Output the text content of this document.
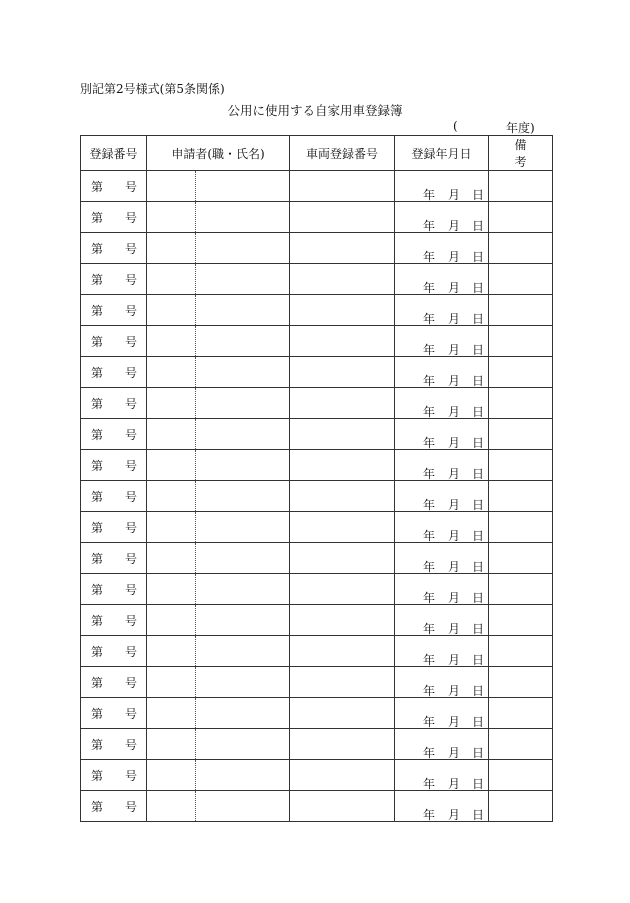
別記第2号様式(第5条関係)
公用に使用する自家用車登録簿
(	年度)
登録番号	申請者(職・氏名)		車両登録番号	登録年月日	備考

第 号				年 月 日	

第 号				年 月 日	

第 号				年 月 日	

第 号				年 月 日	

第 号				年 月 日	

第 号				年 月 日	

第 号				年 月 日	

第 号				年 月 日	

第 号				年 月 日	

第 号				年 月 日	

第 号				年 月 日	

第 号				年 月 日	

第 号				年 月 日	

第 号				年 月 日	

第 号				年 月 日	

第 号				年 月 日	

第 号				年 月 日	

第 号				年 月 日	

第 号				年 月 日	

第 号				年 月 日	

第 号				年 月 日	
